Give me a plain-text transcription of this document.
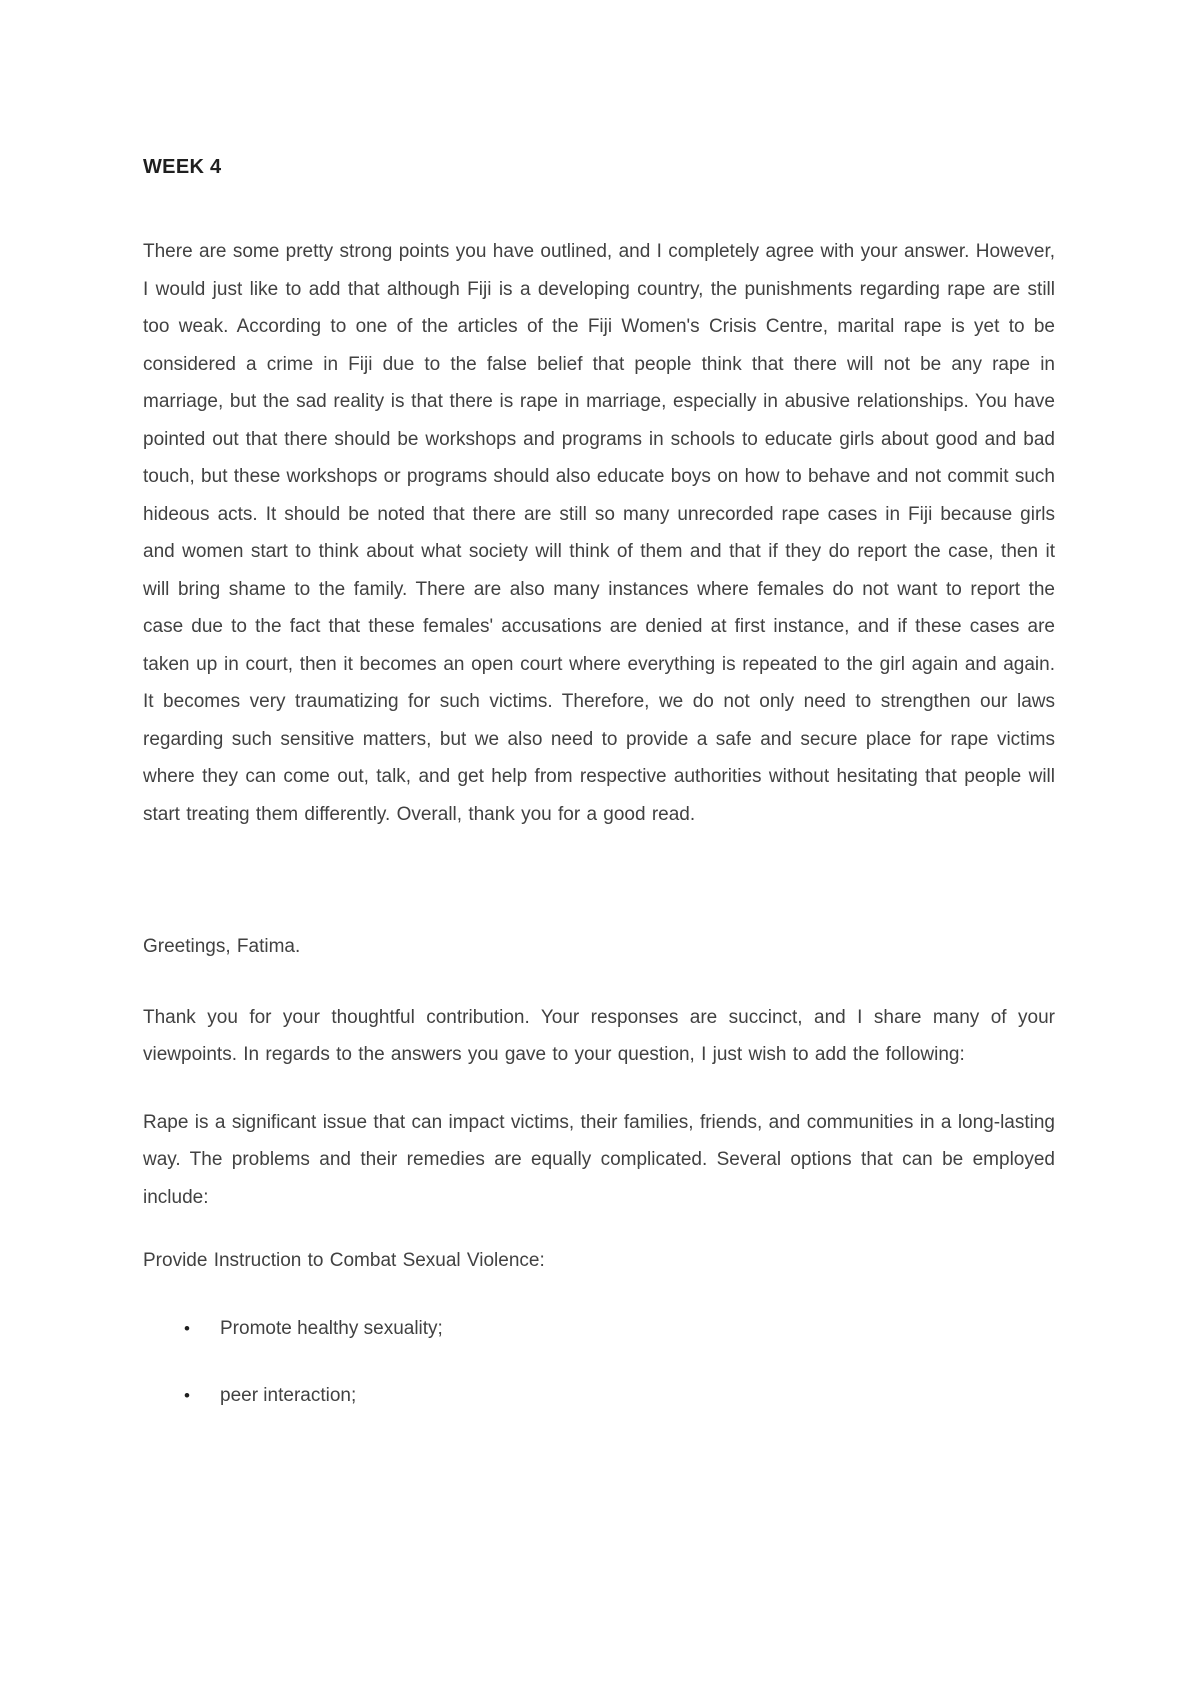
WEEK 4

There are some pretty strong points you have outlined, and I completely agree with your answer. However, I would just like to add that although Fiji is a developing country, the punishments regarding rape are still too weak. According to one of the articles of the Fiji Women's Crisis Centre, marital rape is yet to be considered a crime in Fiji due to the false belief that people think that there will not be any rape in marriage, but the sad reality is that there is rape in marriage, especially in abusive relationships. You have pointed out that there should be workshops and programs in schools to educate girls about good and bad touch, but these workshops or programs should also educate boys on how to behave and not commit such hideous acts. It should be noted that there are still so many unrecorded rape cases in Fiji because girls and women start to think about what society will think of them and that if they do report the case, then it will bring shame to the family. There are also many instances where females do not want to report the case due to the fact that these females' accusations are denied at first instance, and if these cases are taken up in court, then it becomes an open court where everything is repeated to the girl again and again. It becomes very traumatizing for such victims. Therefore, we do not only need to strengthen our laws regarding such sensitive matters, but we also need to provide a safe and secure place for rape victims where they can come out, talk, and get help from respective authorities without hesitating that people will start treating them differently. Overall, thank you for a good read.

Greetings, Fatima.

Thank you for your thoughtful contribution. Your responses are succinct, and I share many of your viewpoints. In regards to the answers you gave to your question, I just wish to add the following:

Rape is a significant issue that can impact victims, their families, friends, and communities in a long-lasting way. The problems and their remedies are equally complicated. Several options that can be employed include:

Provide Instruction to Combat Sexual Violence:

•	Promote healthy sexuality;
•	peer interaction;
